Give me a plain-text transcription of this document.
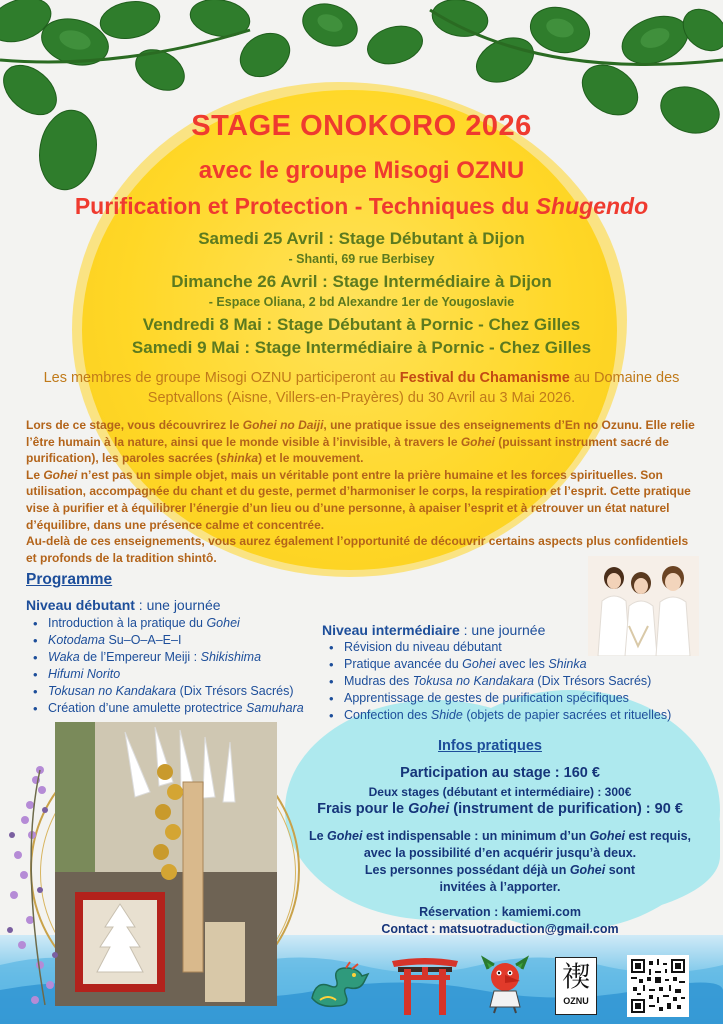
STAGE ONOKORO 2026
avec le groupe Misogi OZNU
Purification et Protection - Techniques du Shugendo
Samedi 25 Avril : Stage Débutant à Dijon
- Shanti, 69 rue Berbisey
Dimanche 26 Avril : Stage Intermédiaire à Dijon
- Espace Oliana, 2 bd Alexandre 1er de Yougoslavie
Vendredi 8 Mai : Stage Débutant à Pornic - Chez Gilles
Samedi 9 Mai : Stage Intermédiaire à Pornic - Chez Gilles
Les membres de groupe Misogi OZNU participeront au Festival du Chamanisme au Domaine des Septvallons (Aisne, Villers-en-Prayères) du 30 Avril au 3 Mai 2026.

Lors de ce stage, vous découvrirez le Gohei no Daiji, une pratique issue des enseignements d’En no Ozunu. Elle relie l’être humain à la nature, ainsi que le monde visible à l’invisible, à travers le Gohei (puissant instrument sacré de purification), les paroles sacrées (shinka) et le mouvement.

Le Gohei n’est pas un simple objet, mais un véritable pont entre la prière humaine et les forces spirituelles. Son utilisation, accompagnée du chant et du geste, permet d’harmoniser le corps, la respiration et l’esprit. Cette pratique vise à purifier et à équilibrer l’énergie d’un lieu ou d’une personne, à apaiser l’esprit et à retrouver un état naturel d’équilibre, dans une présence calme et concentrée.

Au-delà de ces enseignements, vous aurez également l’opportunité de découvrir certains aspects plus confidentiels et profonds de la tradition shintô.

Programme
Niveau débutant : une journée
• Introduction à la pratique du Gohei
• Kotodama Su–O–A–E–I
• Waka de l’Empereur Meiji : Shikishima
• Hifumi Norito
• Tokusan no Kandakara (Dix Trésors Sacrés)
• Création d’une amulette protectrice Samuhara
Niveau intermédiaire : une journée
• Révision du niveau débutant
• Pratique avancée du Gohei avec les Shinka
• Mudras des Tokusa no Kandakara (Dix Trésors Sacrés)
• Apprentissage de gestes de purification spécifiques
• Confection des Shide (objets de papier sacrées et rituelles)
Infos pratiques
Participation au stage : 160 €
Deux stages (débutant et intermédiaire) : 300€
Frais pour le Gohei (instrument de purification) : 90 €
Le Gohei est indispensable : un minimum d’un Gohei est requis,
avec la possibilité d’en acquérir jusqu’à deux.
Les personnes possédant déjà un Gohei sont
invitées à l’apporter.
Réservation : kamiemi.com
Contact : matsuotraduction@gmail.com
禊
OZNU
